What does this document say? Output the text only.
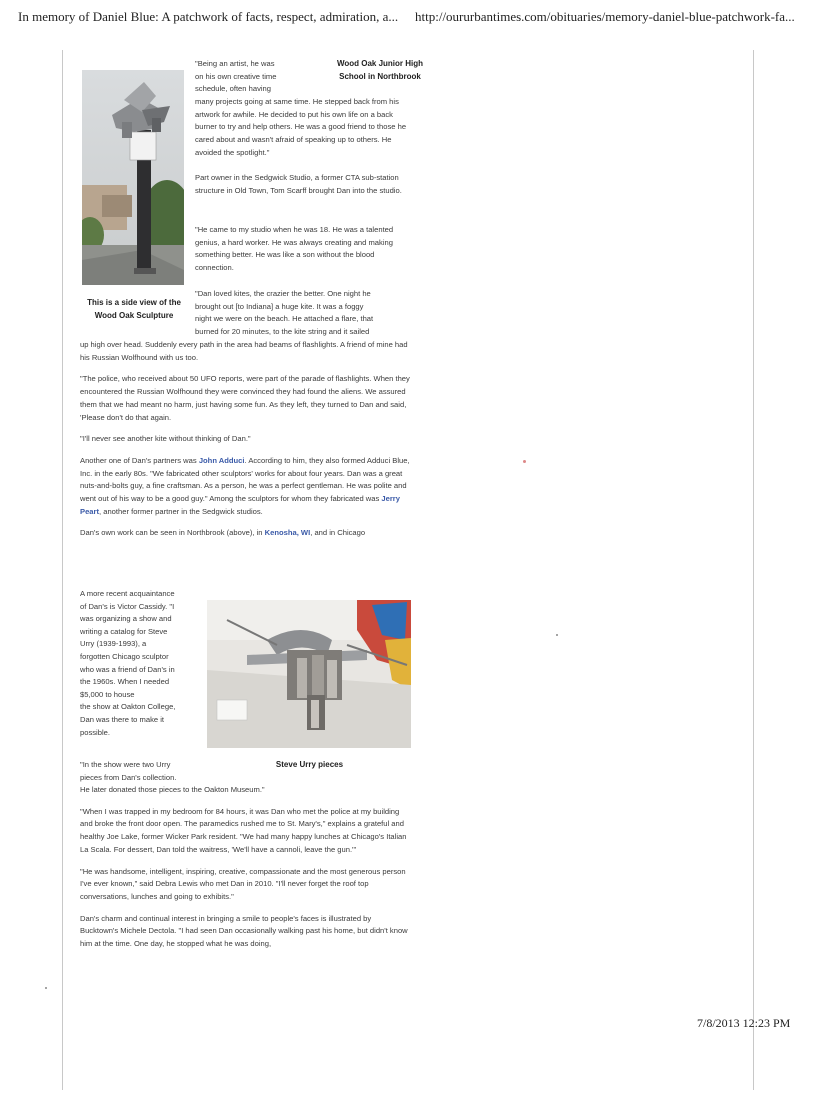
In memory of Daniel Blue: A patchwork of facts, respect, admiration, a... http://oururbantimes.com/obituaries/memory-daniel-blue-patchwork-fa...
Wood Oak Junior High
School in Northbrook

"Being an artist, he was

on his own creative time

schedule, often having

many projects going at same time. He stepped back from his artwork for awhile. He decided to put his own life on a back burner to try and help others. He was a good friend to those he cared about and wasn't afraid of speaking up to others. He avoided the spotlight."

Part owner in the Sedgwick Studio, a former CTA sub-station structure in Old Town, Tom Scarff brought Dan into the studio.

"He came to my studio when he was 18. He was a talented genius, a hard worker. He was always creating and making something better. He was like a son without the blood connection.

"Dan loved kites, the crazier the better. One night he

brought out [to Indiana] a huge kite. It was a foggy

night we were on the beach. He attached a flare, that

burned for 20 minutes, to the kite string and it sailed

This is a side view of the
Wood Oak Sculpture

up high over head. Suddenly every path in the area had beams of flashlights. A friend of mine had his Russian Wolfhound with us too.

"The police, who received about 50 UFO reports, were part of the parade of flashlights. When they encountered the Russian Wolfhound they were convinced they had found the aliens. We assured them that we had meant no harm, just having some fun. As they left, they turned to Dan and said, 'Please don't do that again.

"I'll never see another kite without thinking of Dan."

Another one of Dan's partners was John Adduci. According to him, they also formed Adduci Blue, Inc. in the early 80s. "We fabricated other sculptors' works for about four years. Dan was a great nuts-and-bolts guy, a fine craftsman. As a person, he was a perfect gentleman. He was polite and went out of his way to be a good guy." Among the sculptors for whom they fabricated was Jerry Peart, another former partner in the Sedgwick studios.

Dan's own work can be seen in Northbrook (above), in Kenosha, WI, and in Chicago

A more recent acquaintance

of Dan's is Victor Cassidy. "I

was organizing a show and

writing a catalog for Steve

Urry (1939-1993), a

forgotten Chicago sculptor

who was a friend of Dan's in

the 1960s. When I needed

$5,000 to house

the show at Oakton College,

Dan was there to make it

possible.

"In the show were two Urry

pieces from Dan's collection.

Steve Urry pieces

He later donated those pieces to the Oakton Museum."

"When I was trapped in my bedroom for 84 hours, it was Dan who met the police at my building and broke the front door open. The paramedics rushed me to St. Mary's," explains a grateful and healthy Joe Lake, former Wicker Park resident. "We had many happy lunches at Chicago's Italian La Scala. For dessert, Dan told the waitress, 'We'll have a cannoli, leave the gun.'"

"He was handsome, intelligent, inspiring, creative, compassionate and the most generous person I've ever known," said Debra Lewis who met Dan in 2010. "I'll never forget the roof top conversations, lunches and going to exhibits."

Dan's charm and continual interest in bringing a smile to people's faces is illustrated by Bucktown's Michele Dectola. "I had seen Dan occasionally walking past his home, but didn't know him at the time. One day, he stopped what he was doing,

7/8/2013 12:23 PM
